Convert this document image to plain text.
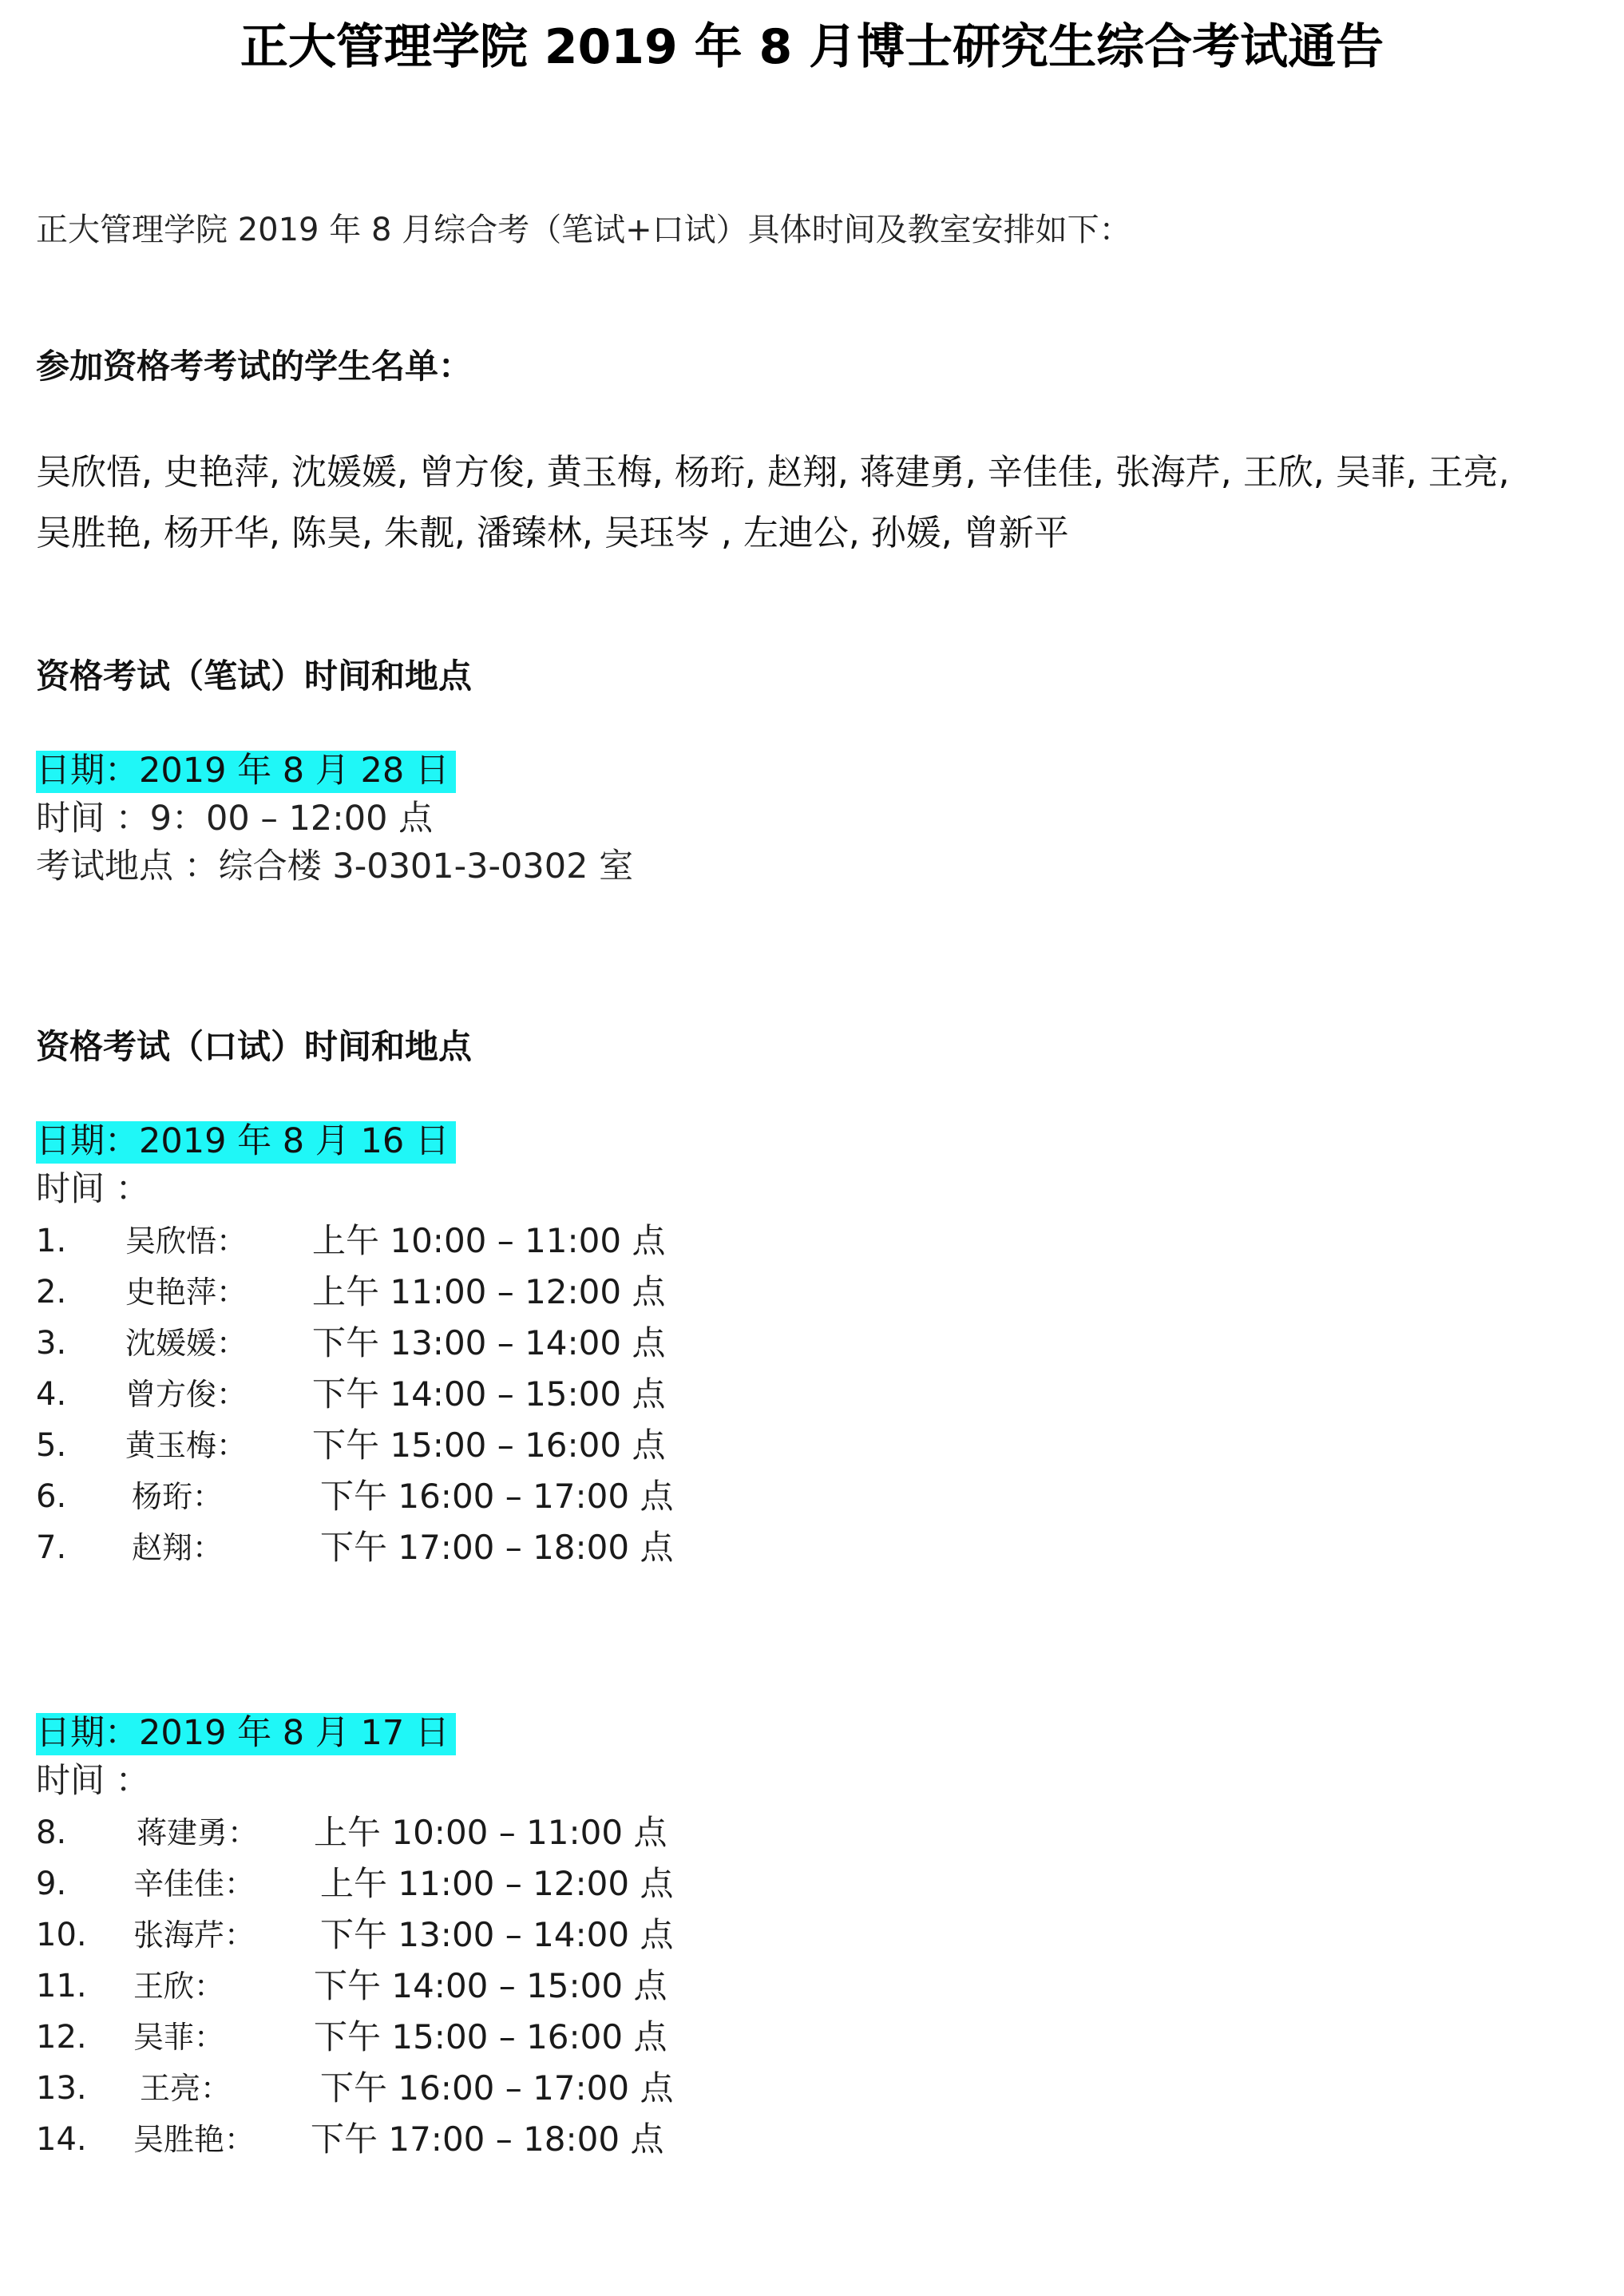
正大管理学院 2019 年 8 月博士研究生综合考试通告
正大管理学院 2019 年 8 月综合考（笔试+口试）具体时间及教室安排如下：
参加资格考考试的学生名单：
吴欣悟, 史艳萍, 沈媛媛, 曾方俊, 黄玉梅, 杨珩, 赵翔, 蒋建勇, 辛佳佳, 张海芹, 王欣, 吴菲, 王亮,
吴胜艳, 杨开华, 陈昊, 朱靓, 潘臻林, 吴珏岑 , 左迪公, 孙媛, 曾新平
资格考试（笔试）时间和地点
日期：2019 年 8 月 28 日
时间 ：9：00 – 12:00 点
考试地点 ：综合楼 3-0301-3-0302 室
资格考试（口试）时间和地点
日期：2019 年 8 月 16 日
时间 ：
1. 吴欣悟： 上午 10:00 – 11:00 点
2. 史艳萍： 上午 11:00 – 12:00 点
3. 沈媛媛： 下午 13:00 – 14:00 点
4. 曾方俊： 下午 14:00 – 15:00 点
5. 黄玉梅： 下午 15:00 – 16:00 点
6. 杨珩：	下午 16:00 – 17:00 点
7. 赵翔：	下午 17:00 – 18:00 点
日期：2019 年 8 月 17 日
时间 ：
8. 蒋建勇： 上午 10:00 – 11:00 点
9. 辛佳佳： 上午 11:00 – 12:00 点
10. 张海芹： 下午 13:00 – 14:00 点
11. 王欣：	下午 14:00 – 15:00 点
12. 吴菲：	下午 15:00 – 16:00 点
13. 王亮：	下午 16:00 – 17:00 点
14. 吴胜艳： 下午 17:00 – 18:00 点
